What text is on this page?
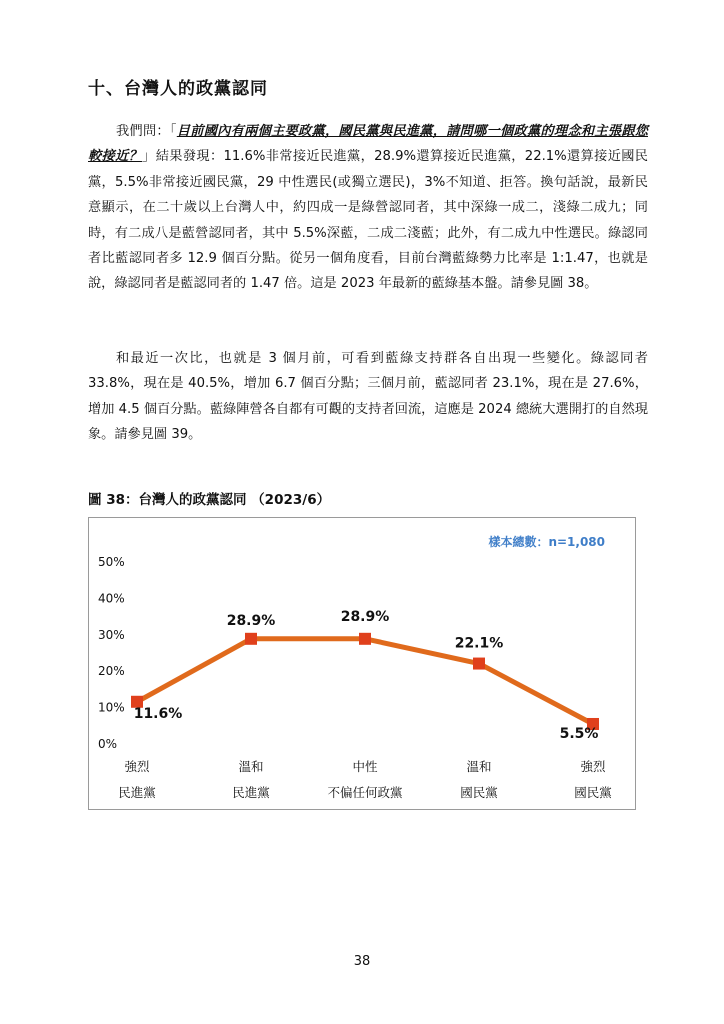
十、台灣人的政黨認同
我們問：「目前國內有兩個主要政黨，國民黨與民進黨，請問哪一個政黨的理念和主張跟您較接近？」結果發現：11.6%非常接近民進黨，28.9%還算接近民進黨，22.1%還算接近國民黨，5.5%非常接近國民黨，29 中性選民(或獨立選民)，3%不知道、拒答。換句話說，最新民意顯示，在二十歲以上台灣人中，約四成一是綠營認同者，其中深綠一成二，淺綠二成九；同時，有二成八是藍營認同者，其中 5.5%深藍，二成二淺藍；此外，有二成九中性選民。綠認同者比藍認同者多 12.9 個百分點。從另一個角度看，目前台灣藍綠勢力比率是 1:1.47，也就是說，綠認同者是藍認同者的 1.47 倍。這是 2023 年最新的藍綠基本盤。請參見圖 38。
和最近一次比，也就是 3 個月前，可看到藍綠支持群各自出現一些變化。綠認同者 33.8%，現在是 40.5%，增加 6.7 個百分點；三個月前，藍認同者 23.1%，現在是 27.6%，增加 4.5 個百分點。藍綠陣營各自都有可觀的支持者回流，這應是 2024 總統大選開打的自然現象。請參見圖 39。
圖 38：台灣人的政黨認同 （2023/6）
樣本總數：n=1,080
0%
10%
20%
30%
40%
50%
強烈
民進黨
溫和
民進黨
中性
不偏任何政黨
溫和
國民黨
強烈
國民黨
11.6%
28.9%	28.9%
22.1%
5.5%
38
